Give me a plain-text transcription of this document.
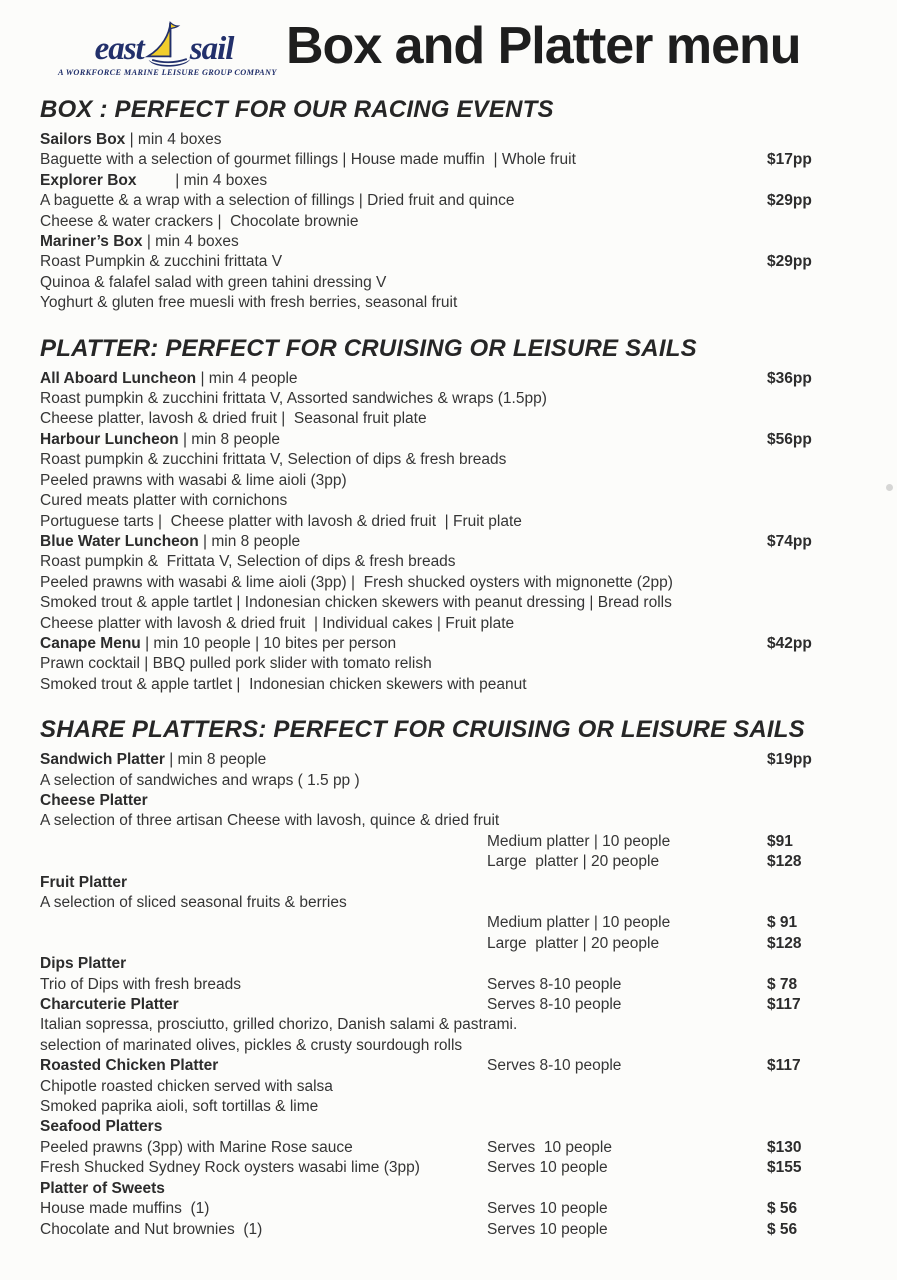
east sail
A WORKFORCE MARINE LEISURE GROUP COMPANY Box and Platter menu
BOX : PERFECT FOR OUR RACING EVENTS
Sailors Box | min 4 boxes
Baguette with a selection of gourmet fillings | House made muffin  | Whole fruit	$17pp
Explorer Box         | min 4 boxes
A baguette & a wrap with a selection of fillings | Dried fruit and quince	$29pp
Cheese & water crackers |  Chocolate brownie
Mariner’s Box | min 4 boxes
Roast Pumpkin & zucchini frittata V	$29pp
Quinoa & falafel salad with green tahini dressing V
Yoghurt & gluten free muesli with fresh berries, seasonal fruit
PLATTER: PERFECT FOR CRUISING OR LEISURE SAILS
All Aboard Luncheon | min 4 people	$36pp
Roast pumpkin & zucchini frittata V, Assorted sandwiches & wraps (1.5pp)
Cheese platter, lavosh & dried fruit |  Seasonal fruit plate
Harbour Luncheon | min 8 people	$56pp
Roast pumpkin & zucchini frittata V, Selection of dips & fresh breads
Peeled prawns with wasabi & lime aioli (3pp)
Cured meats platter with cornichons
Portuguese tarts |  Cheese platter with lavosh & dried fruit  | Fruit plate
Blue Water Luncheon | min 8 people	$74pp
Roast pumpkin &  Frittata V, Selection of dips & fresh breads
Peeled prawns with wasabi & lime aioli (3pp) |  Fresh shucked oysters with mignonette (2pp)
Smoked trout & apple tartlet | Indonesian chicken skewers with peanut dressing | Bread rolls
Cheese platter with lavosh & dried fruit  | Individual cakes | Fruit plate
Canape Menu | min 10 people | 10 bites per person	$42pp
Prawn cocktail | BBQ pulled pork slider with tomato relish
Smoked trout & apple tartlet |  Indonesian chicken skewers with peanut
SHARE PLATTERS: PERFECT FOR CRUISING OR LEISURE SAILS
Sandwich Platter | min 8 people	$19pp
A selection of sandwiches and wraps ( 1.5 pp )
Cheese Platter
A selection of three artisan Cheese with lavosh, quince & dried fruit
Medium platter | 10 people	$91
Large  platter | 20 people	$128
Fruit Platter
A selection of sliced seasonal fruits & berries
Medium platter | 10 people	$ 91
Large  platter | 20 people	$128
Dips Platter
Trio of Dips with fresh breads	Serves 8-10 people	$ 78
Charcuterie Platter	Serves 8-10 people	$117
Italian sopressa, prosciutto, grilled chorizo, Danish salami & pastrami.
selection of marinated olives, pickles & crusty sourdough rolls
Roasted Chicken Platter	Serves 8-10 people	$117
Chipotle roasted chicken served with salsa
Smoked paprika aioli, soft tortillas & lime
Seafood Platters
Peeled prawns (3pp) with Marine Rose sauce	Serves  10 people	$130
Fresh Shucked Sydney Rock oysters wasabi lime (3pp)	Serves 10 people	$155
Platter of Sweets
House made muffins  (1)	Serves 10 people	$ 56
Chocolate and Nut brownies  (1)	Serves 10 people	$ 56
